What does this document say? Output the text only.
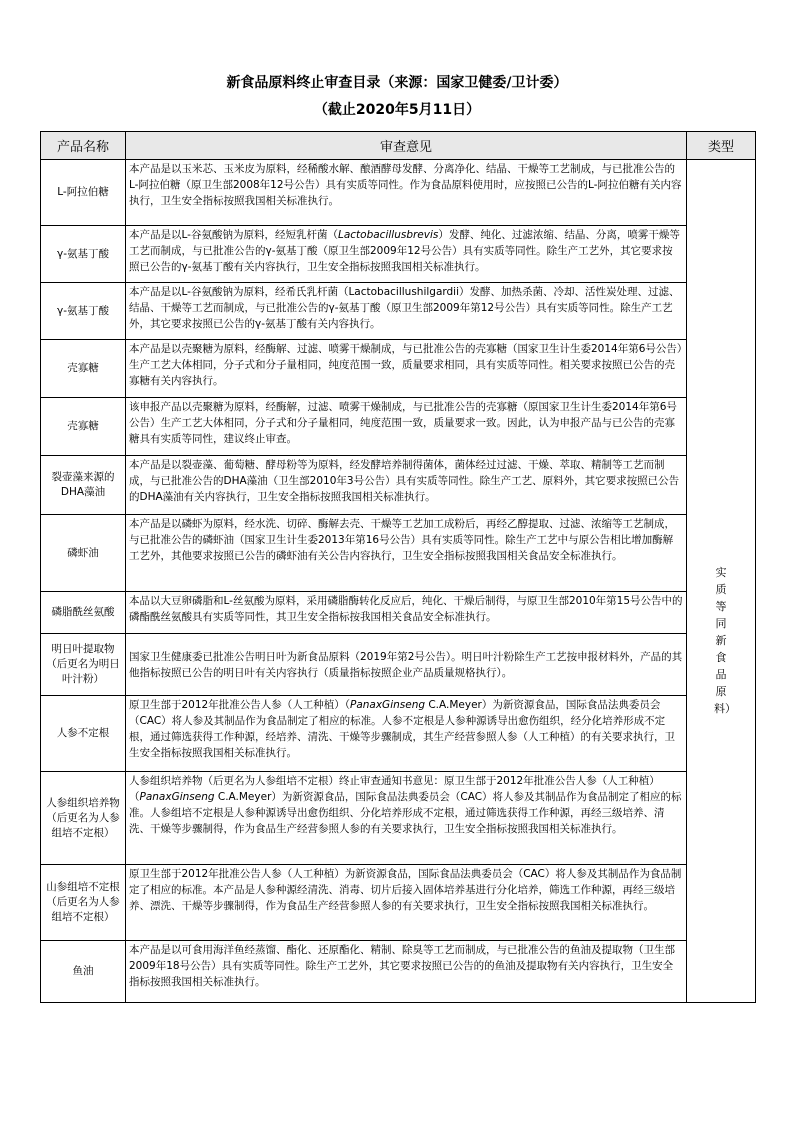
新食品原料终止审查目录（来源：国家卫健委/卫计委）
（截止2020年5月11日）
产品名称	审查意见	类型
L-阿拉伯糖	本产品是以玉米芯、玉米皮为原料，经稀酸水解、酿酒酵母发酵、分离净化、结晶、干燥等工艺制成，与已批准公告的L-阿拉伯糖（原卫生部2008年12号公告）具有实质等同性。作为食品原料使用时，应按照已公告的L-阿拉伯糖有关内容执行，卫生安全指标按照我国相关标准执行。	实质等同新食品原料）
γ-氨基丁酸	本产品是以L-谷氨酸钠为原料，经短乳杆菌（Lactobacillusbrevis）发酵、纯化、过滤浓缩、结晶、分离，喷雾干燥等工艺而制成，与已批准公告的γ-氨基丁酸（原卫生部2009年12号公告）具有实质等同性。除生产工艺外，其它要求按照已公告的γ-氨基丁酸有关内容执行，卫生安全指标按照我国相关标准执行。	
γ-氨基丁酸	本产品是以L-谷氨酸钠为原料，经希氏乳杆菌（Lactobacillushilgardii）发酵、加热杀菌、冷却、活性炭处理、过滤、结晶、干燥等工艺而制成，与已批准公告的γ-氨基丁酸（原卫生部2009年第12号公告）具有实质等同性。除生产工艺外，其它要求按照已公告的γ-氨基丁酸有关内容执行。	
壳寡糖	本产品是以壳聚糖为原料，经酶解、过滤、喷雾干燥制成，与已批准公告的壳寡糖（国家卫生计生委2014年第6号公告）生产工艺大体相同，分子式和分子量相同，纯度范围一致，质量要求相同，具有实质等同性。相关要求按照已公告的壳寡糖有关内容执行。	
壳寡糖	该申报产品以壳聚糖为原料，经酶解，过滤、喷雾干燥制成，与已批准公告的壳寡糖（原国家卫生计生委2014年第6号公告）生产工艺大体相同，分子式和分子量相同，纯度范围一致，质量要求一致。因此，认为申报产品与已公告的壳寡糖具有实质等同性，建议终止审查。	
裂壶藻来源的DHA藻油	本产品是以裂壶藻、葡萄糖、酵母粉等为原料，经发酵培养制得菌体，菌体经过过滤、干燥、萃取、精制等工艺而制成，与已批准公告的DHA藻油（卫生部2010年3号公告）具有实质等同性。除生产工艺、原料外，其它要求按照已公告的DHA藻油有关内容执行，卫生安全指标按照我国相关标准执行。	
磷虾油	本产品是以磷虾为原料，经水洗、切碎、酶解去壳、干燥等工艺加工成粉后，再经乙醇提取、过滤、浓缩等工艺制成，与已批准公告的磷虾油（国家卫生计生委2013年第16号公告）具有实质等同性。除生产工艺中与原公告相比增加酶解工艺外，其他要求按照已公告的磷虾油有关公告内容执行，卫生安全指标按照我国相关食品安全标准执行。	
磷脂酰丝氨酸	本品以大豆卵磷脂和L-丝氨酸为原料，采用磷脂酶转化反应后，纯化、干燥后制得，与原卫生部2010年第15号公告中的磷酯酰丝氨酸具有实质等同性，其卫生安全指标按我国相关食品安全标准执行。	
明日叶提取物（后更名为明日叶汁粉）	国家卫生健康委已批准公告明日叶为新食品原料（2019年第2号公告）。明日叶汁粉除生产工艺按申报材料外，产品的其他指标按照已公告的明日叶有关内容执行（质量指标按照企业产品质量规格执行）。	
人参不定根	原卫生部于2012年批准公告人参（人工种植）（PanaxGinseng C.A.Meyer）为新资源食品，国际食品法典委员会（CAC）将人参及其制品作为食品制定了相应的标准。人参不定根是人参种源诱导出愈伤组织，经分化培养形成不定根，通过筛选获得工作种源，经培养、清洗、干燥等步骤制成，其生产经营参照人参（人工种植）的有关要求执行，卫生安全指标按照我国相关标准执行。	
人参组织培养物（后更名为人参组培不定根）	人参组织培养物（后更名为人参组培不定根）终止审查通知书意见：原卫生部于2012年批准公告人参（人工种植）（PanaxGinseng C.A.Meyer）为新资源食品，国际食品法典委员会（CAC）将人参及其制品作为食品制定了相应的标准。人参组培不定根是人参种源诱导出愈伤组织、分化培养形成不定根，通过筛选获得工作种源，再经三级培养、清洗、干燥等步骤制得，作为食品生产经营参照人参的有关要求执行，卫生安全指标按照我国相关标准执行。	
山参组培不定根（后更名为人参组培不定根）	原卫生部于2012年批准公告人参（人工种植）为新资源食品，国际食品法典委员会（CAC）将人参及其制品作为食品制定了相应的标准。本产品是人参种源经清洗、消毒、切片后接入固体培养基进行分化培养，筛选工作种源，再经三级培养、漂洗、干燥等步骤制得，作为食品生产经营参照人参的有关要求执行，卫生安全指标按照我国相关标准执行。	
鱼油	本产品是以可食用海洋鱼经蒸馏、酯化、还原酯化、精制、除臭等工艺而制成，与已批准公告的鱼油及提取物（卫生部2009年18号公告）具有实质等同性。除生产工艺外，其它要求按照已公告的的鱼油及提取物有关内容执行，卫生安全指标按照我国相关标准执行。	
